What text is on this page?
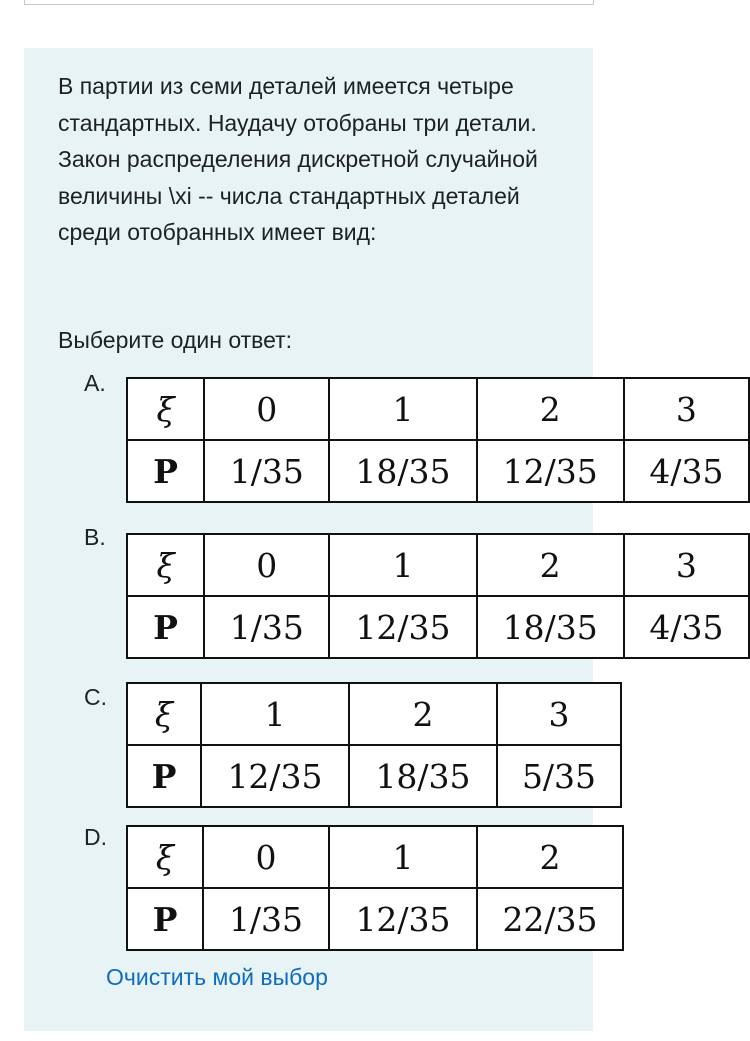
В партии из семи деталей имеется четыре стандартных. Наудачу отобраны три детали. Закон распределения дискретной случайной величины \xi -- числа стандартных деталей среди отобранных имеет вид:
Выберите один ответ:
A.
ξ	0	1	2	3
P	1/35	18/35	12/35	4/35
B.
ξ	0	1	2	3
P	1/35	12/35	18/35	4/35
C. ξ	1	2	3
P	12/35	18/35	5/35
D.
ξ	0	1	2
P	1/35	12/35	22/35
Очистить мой выбор
